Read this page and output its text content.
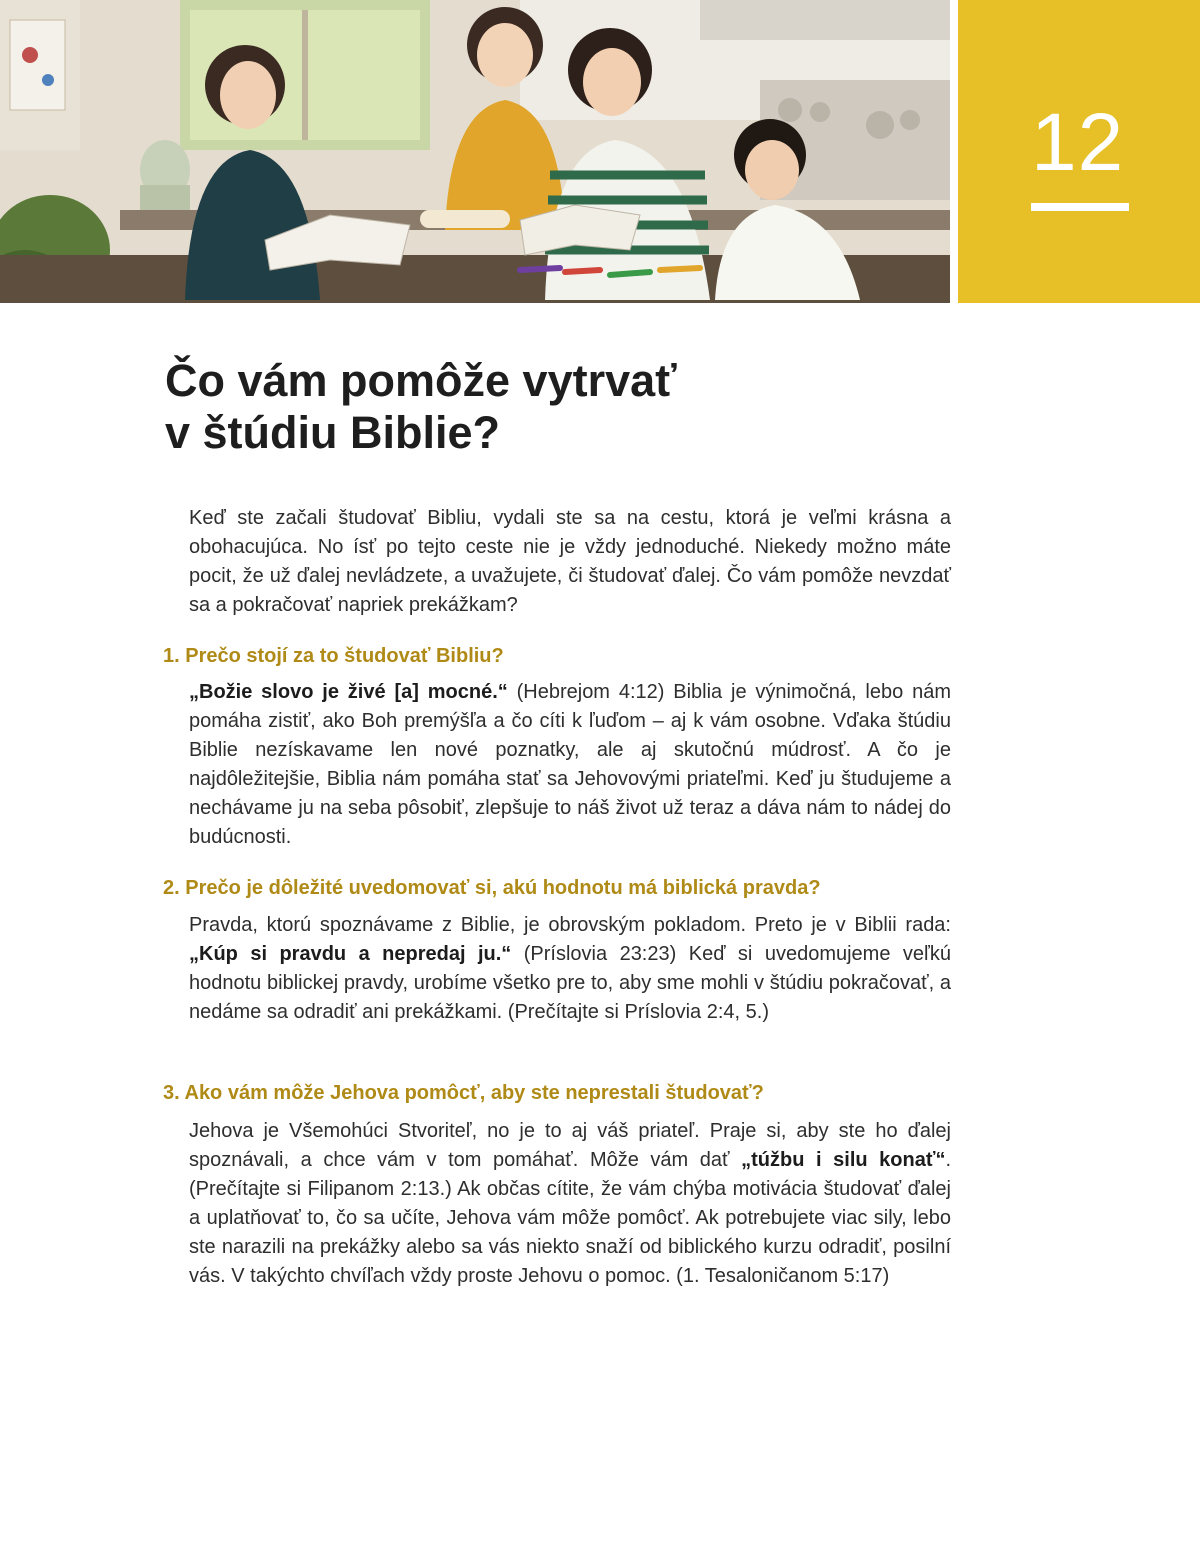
12
Čo vám pomôže vytrvať
v štúdiu Biblie?

Keď ste začali študovať Bibliu, vydali ste sa na cestu, ktorá je veľmi krásna a obohacujúca. No ísť po tejto ceste nie je vždy jednoduché. Niekedy možno máte pocit, že už ďalej nevládzete, a uvažujete, či študovať ďalej. Čo vám pomôže nevzdať sa a pokračovať napriek prekážkam?

1. Prečo stojí za to študovať Bibliu?

„Božie slovo je živé [a] mocné.“ (Hebrejom 4:12) Biblia je výnimočná, lebo nám pomáha zistiť, ako Boh premýšľa a čo cíti k ľuďom – aj k vám osobne. Vďaka štúdiu Biblie nezískavame len nové poznatky, ale aj skutočnú múdrosť. A čo je najdôležitejšie, Biblia nám pomáha stať sa Jehovovými priateľmi. Keď ju študujeme a nechávame ju na seba pôsobiť, zlepšuje to náš život už teraz a dáva nám to nádej do budúcnosti.

2. Prečo je dôležité uvedomovať si, akú hodnotu má biblická pravda?

Pravda, ktorú spoznávame z Biblie, je obrovským pokladom. Preto je v Biblii rada: „Kúp si pravdu a nepredaj ju.“ (Príslovia 23:23) Keď si uvedomujeme veľkú hodnotu biblickej pravdy, urobíme všetko pre to, aby sme mohli v štúdiu pokračovať, a nedáme sa odradiť ani prekážkami. (Prečítajte si Príslovia 2:4, 5.)

3. Ako vám môže Jehova pomôcť, aby ste neprestali študovať?

Jehova je Všemohúci Stvoriteľ, no je to aj váš priateľ. Praje si, aby ste ho ďalej spoznávali, a chce vám v tom pomáhať. Môže vám dať „túžbu i silu konať“. (Prečítajte si Filipanom 2:13.) Ak občas cítite, že vám chýba motivácia študovať ďalej a uplatňovať to, čo sa učíte, Jehova vám môže pomôcť. Ak potrebujete viac sily, lebo ste narazili na prekážky alebo sa vás niekto snaží od biblického kurzu odradiť, posilní vás. V takýchto chvíľach vždy proste Jehovu o pomoc. (1. Tesaloničanom 5:17)
